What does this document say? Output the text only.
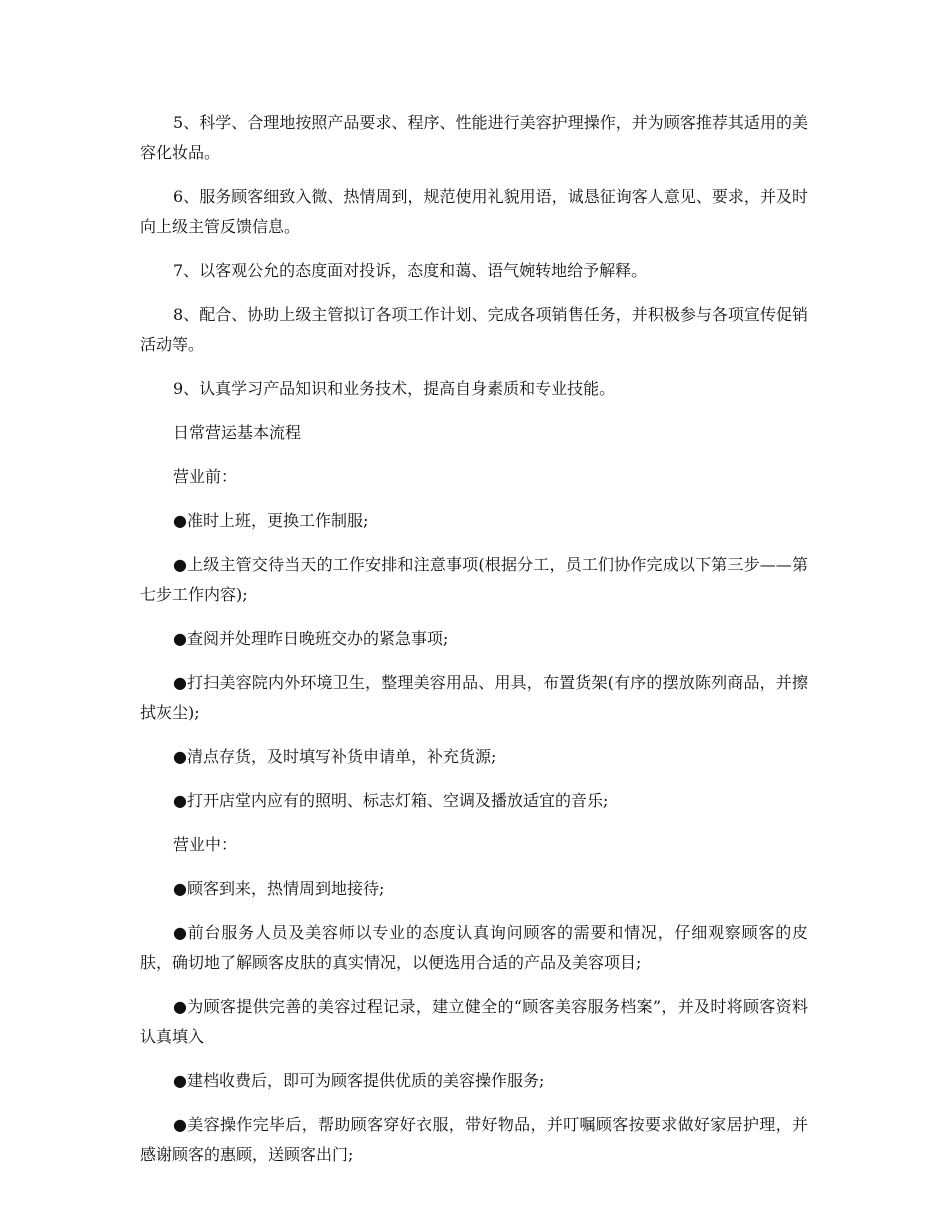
5、科学、合理地按照产品要求、程序、性能进行美容护理操作，并为顾客推荐其适用的美容化妆品。

6、服务顾客细致入微、热情周到，规范使用礼貌用语，诚恳征询客人意见、要求，并及时向上级主管反馈信息。

7、以客观公允的态度面对投诉，态度和蔼、语气婉转地给予解释。

8、配合、协助上级主管拟订各项工作计划、完成各项销售任务，并积极参与各项宣传促销活动等。

9、认真学习产品知识和业务技术，提高自身素质和专业技能。

日常营运基本流程

营业前：

●准时上班，更换工作制服;

●上级主管交待当天的工作安排和注意事项(根据分工，员工们协作完成以下第三步——第七步工作内容);

●查阅并处理昨日晚班交办的紧急事项;

●打扫美容院内外环境卫生，整理美容用品、用具，布置货架(有序的摆放陈列商品，并擦拭灰尘);

●清点存货，及时填写补货申请单，补充货源;

●打开店堂内应有的照明、标志灯箱、空调及播放适宜的音乐;

营业中：

●顾客到来，热情周到地接待;

●前台服务人员及美容师以专业的态度认真询问顾客的需要和情况，仔细观察顾客的皮肤，确切地了解顾客皮肤的真实情况，以便选用合适的产品及美容项目;

●为顾客提供完善的美容过程记录，建立健全的“顾客美容服务档案”，并及时将顾客资料认真填入

●建档收费后，即可为顾客提供优质的美容操作服务;

●美容操作完毕后，帮助顾客穿好衣服，带好物品，并叮嘱顾客按要求做好家居护理，并感谢顾客的惠顾，送顾客出门;
